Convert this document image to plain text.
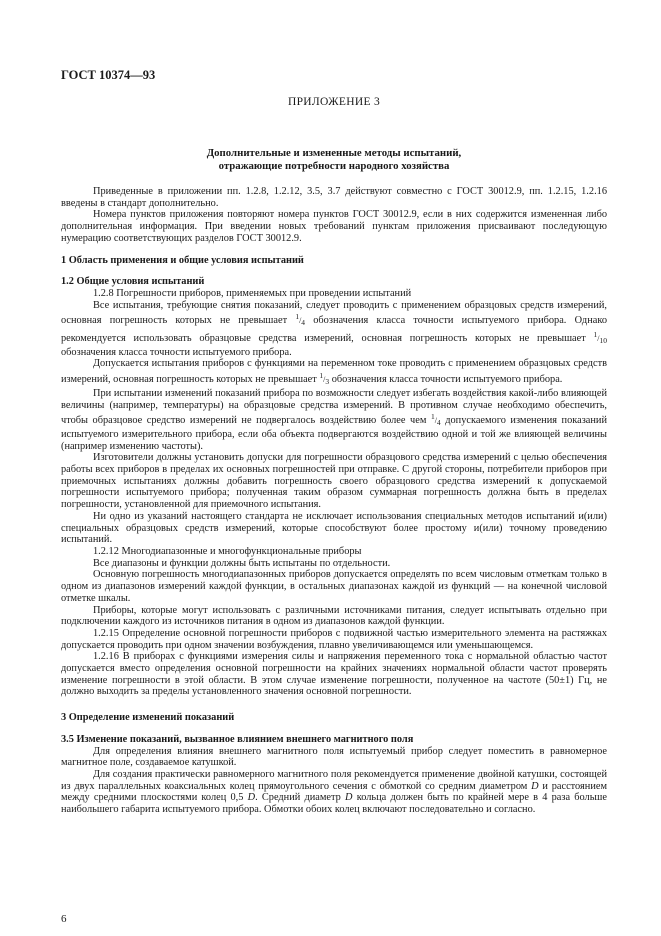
ГОСТ 10374—93
ПРИЛОЖЕНИЕ 3
Дополнительные и измененные методы испытаний,
отражающие потребности народного хозяйства

Приведенные в приложении пп. 1.2.8, 1.2.12, 3.5, 3.7 действуют совместно с ГОСТ 30012.9, пп. 1.2.15, 1.2.16 введены в стандарт дополнительно.

Номера пунктов приложения повторяют номера пунктов ГОСТ 30012.9, если в них содержится измененная либо дополнительная информация. При введении новых требований пунктам приложения присваивают последующую нумерацию соответствующих разделов ГОСТ 30012.9.

1 Область применения и общие условия испытаний

1.2 Общие условия испытаний

1.2.8 Погрешности приборов, применяемых при проведении испытаний

Все испытания, требующие снятия показаний, следует проводить с применением образцовых средств измерений, основная погрешность которых не превышает $^1/_4$ обозначения класса точности испытуемого прибора. Однако рекомендуется использовать образцовые средства измерений, основная погрешность которых не превышает $^1/_{10}$ обозначения класса точности испытуемого прибора.

Допускается испытания приборов с функциями на переменном токе проводить с применением образцовых средств измерений, основная погрешность которых не превышает $^1/_3$ обозначения класса точности испытуемого прибора.

При испытании изменений показаний прибора по возможности следует избегать воздействия какой-либо влияющей величины (например, температуры) на образцовые средства измерений. В противном случае необходимо обеспечить, чтобы образцовое средство измерений не подвергалось воздействию более чем $^1/_4$ допускаемого изменения показаний испытуемого измерительного прибора, если оба объекта подвергаются воздействию одной и той же влияющей величины (например изменению частоты).

Изготовители должны установить допуски для погрешности образцового средства измерений с целью обеспечения работы всех приборов в пределах их основных погрешностей при отправке. С другой стороны, потребители приборов при приемочных испытаниях должны добавить погрешность своего образцового средства измерений к допускаемой погрешности испытуемого прибора; полученная таким образом суммарная погрешность должна быть в пределах погрешности, установленной для приемочного испытания.

Ни одно из указаний настоящего стандарта не исключает использования специальных методов испытаний и(или) специальных образцовых средств измерений, которые способствуют более простому и(или) точному проведению испытаний.

1.2.12 Многодиапазонные и многофункциональные приборы

Все диапазоны и функции должны быть испытаны по отдельности.

Основную погрешность многодиапазонных приборов допускается определять по всем числовым отметкам только в одном из диапазонов измерений каждой функции, в остальных диапазонах каждой из функций — на конечной числовой отметке шкалы.

Приборы, которые могут использовать с различными источниками питания, следует испытывать отдельно при подключении каждого из источников питания в одном из диапазонов каждой функции.

1.2.15 Определение основной погрешности приборов с подвижной частью измерительного элемента на растяжках допускается проводить при одном значении возбуждения, плавно увеличивающемся или уменьшающемся.

1.2.16 В приборах с функциями измерения силы и напряжения переменного тока с нормальной областью частот допускается вместо определения основной погрешности на крайних значениях нормальной области частот проверять изменение погрешности в этой области. В этом случае изменение погрешности, полученное на частоте (50±1) Гц, не должно выходить за пределы установленного значения основной погрешности.

3 Определение изменений показаний

3.5 Изменение показаний, вызванное влиянием внешнего магнитного поля

Для определения влияния внешнего магнитного поля испытуемый прибор следует поместить в равномерное магнитное поле, создаваемое катушкой.

Для создания практически равномерного магнитного поля рекомендуется применение двойной катушки, состоящей из двух параллельных коаксиальных колец прямоугольного сечения с обмоткой со средним диаметром D и расстоянием между средними плоскостями колец 0,5 D. Средний диаметр D кольца должен быть по крайней мере в 4 раза больше наибольшего габарита испытуемого прибора. Обмотки обоих колец включают последовательно и согласно.

6
